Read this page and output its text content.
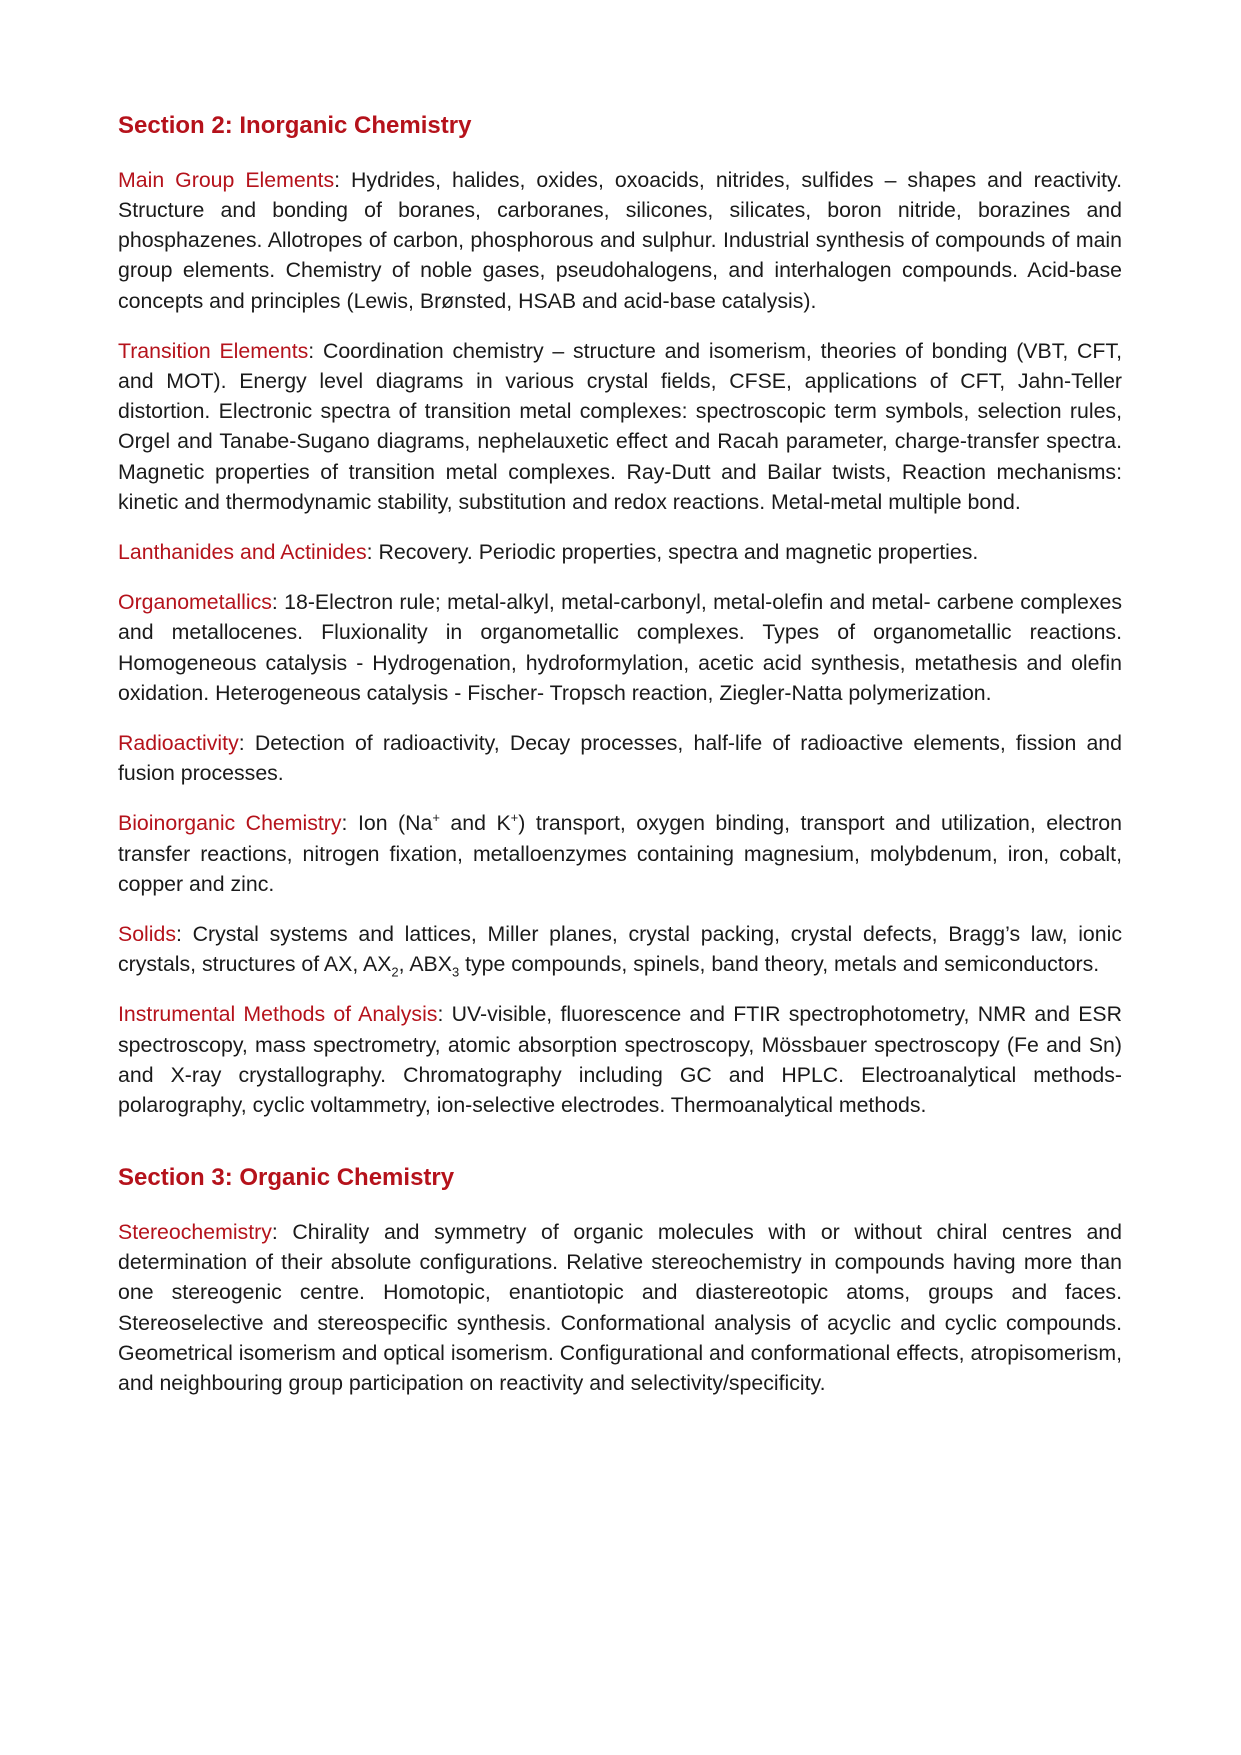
Section 2: Inorganic Chemistry

Main Group Elements: Hydrides, halides, oxides, oxoacids, nitrides, sulfides – shapes and reactivity. Structure and bonding of boranes, carboranes, silicones, silicates, boron nitride, borazines and phosphazenes. Allotropes of carbon, phosphorous and sulphur. Industrial synthesis of compounds of main group elements. Chemistry of noble gases, pseudohalogens, and interhalogen compounds. Acid-base concepts and principles (Lewis, Brønsted, HSAB and acid-base catalysis).

Transition Elements: Coordination chemistry – structure and isomerism, theories of bonding (VBT, CFT, and MOT). Energy level diagrams in various crystal fields, CFSE, applications of CFT, Jahn-Teller distortion. Electronic spectra of transition metal complexes: spectroscopic term symbols, selection rules, Orgel and Tanabe-Sugano diagrams, nephelauxetic effect and Racah parameter, charge-transfer spectra. Magnetic properties of transition metal complexes. Ray-Dutt and Bailar twists, Reaction mechanisms: kinetic and thermodynamic stability, substitution and redox reactions. Metal-metal multiple bond.

Lanthanides and Actinides: Recovery. Periodic properties, spectra and magnetic properties.

Organometallics: 18-Electron rule; metal-alkyl, metal-carbonyl, metal-olefin and metal- carbene complexes and metallocenes. Fluxionality in organometallic complexes. Types of organometallic reactions. Homogeneous catalysis - Hydrogenation, hydroformylation, acetic acid synthesis, metathesis and olefin oxidation. Heterogeneous catalysis - Fischer- Tropsch reaction, Ziegler-Natta polymerization.

Radioactivity: Detection of radioactivity, Decay processes, half-life of radioactive elements, fission and fusion processes.

Bioinorganic Chemistry: Ion (Na+ and K+) transport, oxygen binding, transport and utilization, electron transfer reactions, nitrogen fixation, metalloenzymes containing magnesium, molybdenum, iron, cobalt, copper and zinc.

Solids: Crystal systems and lattices, Miller planes, crystal packing, crystal defects, Bragg’s law, ionic crystals, structures of AX, $AX_2$, $ABX_3$ type compounds, spinels, band theory, metals and semiconductors.

Instrumental Methods of Analysis: UV-visible, fluorescence and FTIR spectrophotometry, NMR and ESR spectroscopy, mass spectrometry, atomic absorption spectroscopy, Mössbauer spectroscopy (Fe and Sn) and X-ray crystallography. Chromatography including GC and HPLC. Electroanalytical methods- polarography, cyclic voltammetry, ion-selective electrodes. Thermoanalytical methods.

Section 3: Organic Chemistry

Stereochemistry: Chirality and symmetry of organic molecules with or without chiral centres and determination of their absolute configurations. Relative stereochemistry in compounds having more than one stereogenic centre. Homotopic, enantiotopic and diastereotopic atoms, groups and faces. Stereoselective and stereospecific synthesis. Conformational analysis of acyclic and cyclic compounds. Geometrical isomerism and optical isomerism. Configurational and conformational effects, atropisomerism, and neighbouring group participation on reactivity and selectivity/specificity.
